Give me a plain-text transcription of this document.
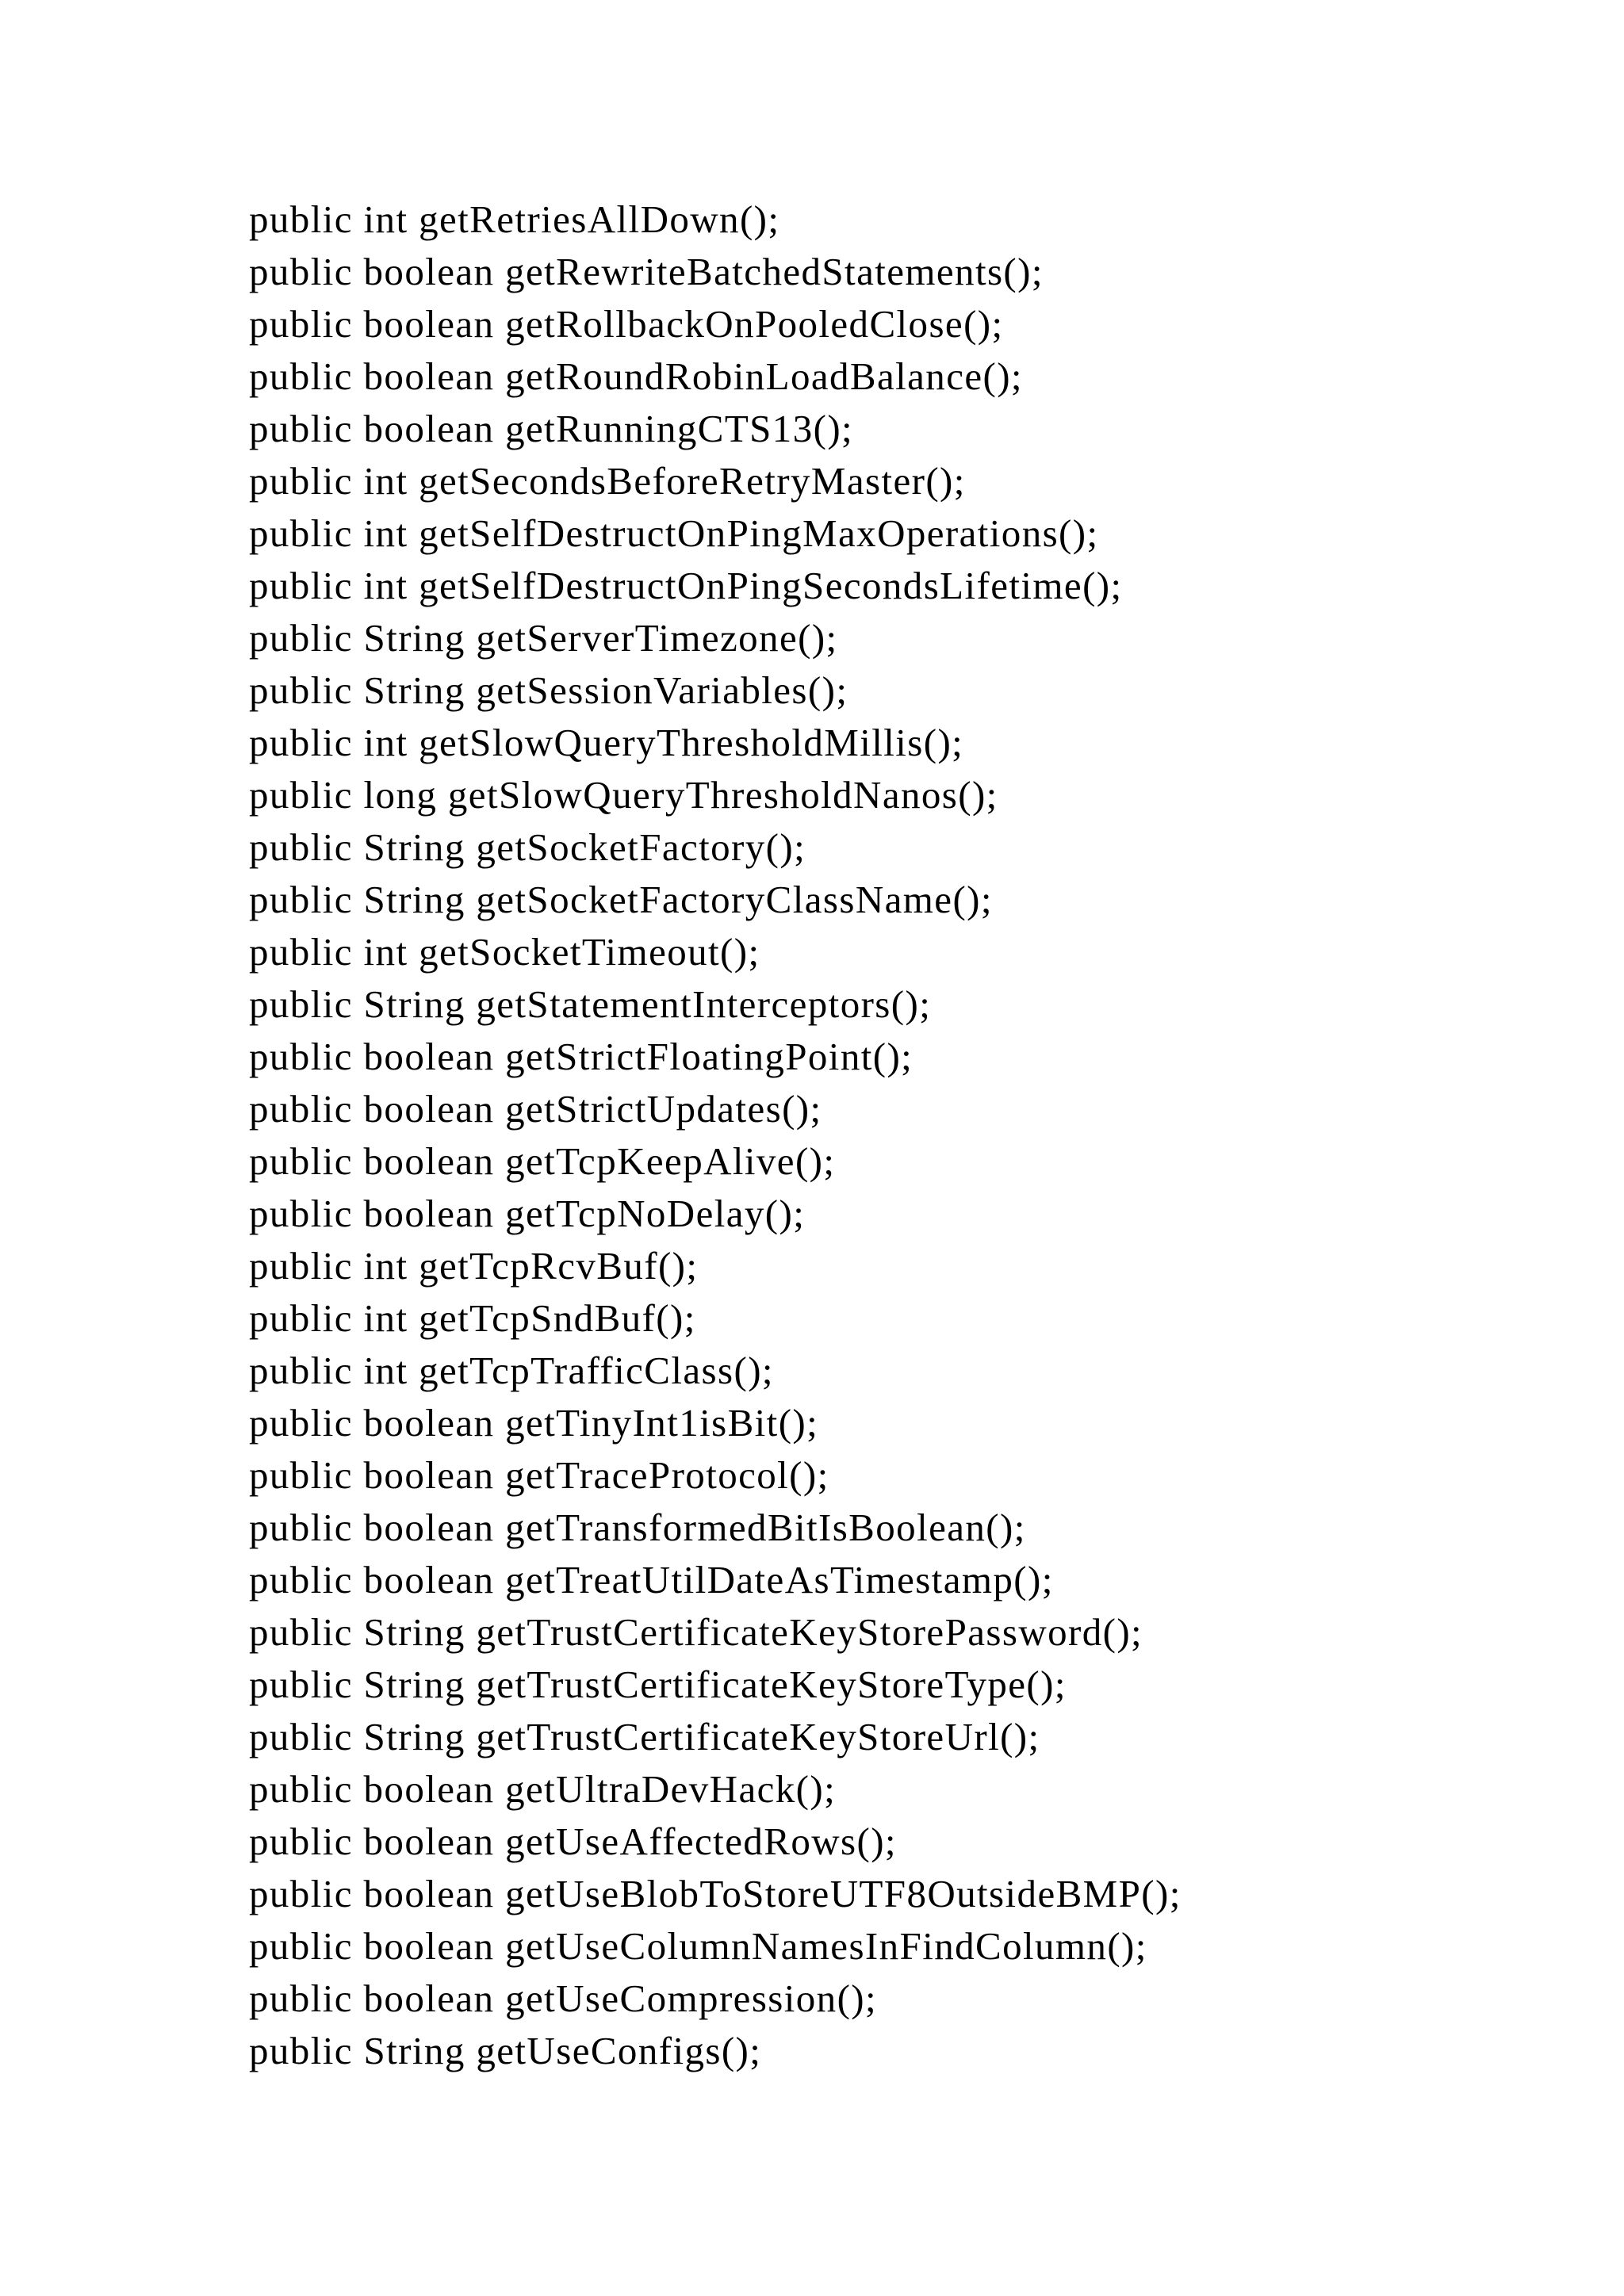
public int getRetriesAllDown();
public boolean getRewriteBatchedStatements();
public boolean getRollbackOnPooledClose();
public boolean getRoundRobinLoadBalance();
public boolean getRunningCTS13();
public int getSecondsBeforeRetryMaster();
public int getSelfDestructOnPingMaxOperations();
public int getSelfDestructOnPingSecondsLifetime();
public String getServerTimezone();
public String getSessionVariables();
public int getSlowQueryThresholdMillis();
public long getSlowQueryThresholdNanos();
public String getSocketFactory();
public String getSocketFactoryClassName();
public int getSocketTimeout();
public String getStatementInterceptors();
public boolean getStrictFloatingPoint();
public boolean getStrictUpdates();
public boolean getTcpKeepAlive();
public boolean getTcpNoDelay();
public int getTcpRcvBuf();
public int getTcpSndBuf();
public int getTcpTrafficClass();
public boolean getTinyInt1isBit();
public boolean getTraceProtocol();
public boolean getTransformedBitIsBoolean();
public boolean getTreatUtilDateAsTimestamp();
public String getTrustCertificateKeyStorePassword();
public String getTrustCertificateKeyStoreType();
public String getTrustCertificateKeyStoreUrl();
public boolean getUltraDevHack();
public boolean getUseAffectedRows();
public boolean getUseBlobToStoreUTF8OutsideBMP();
public boolean getUseColumnNamesInFindColumn();
public boolean getUseCompression();
public String getUseConfigs();
